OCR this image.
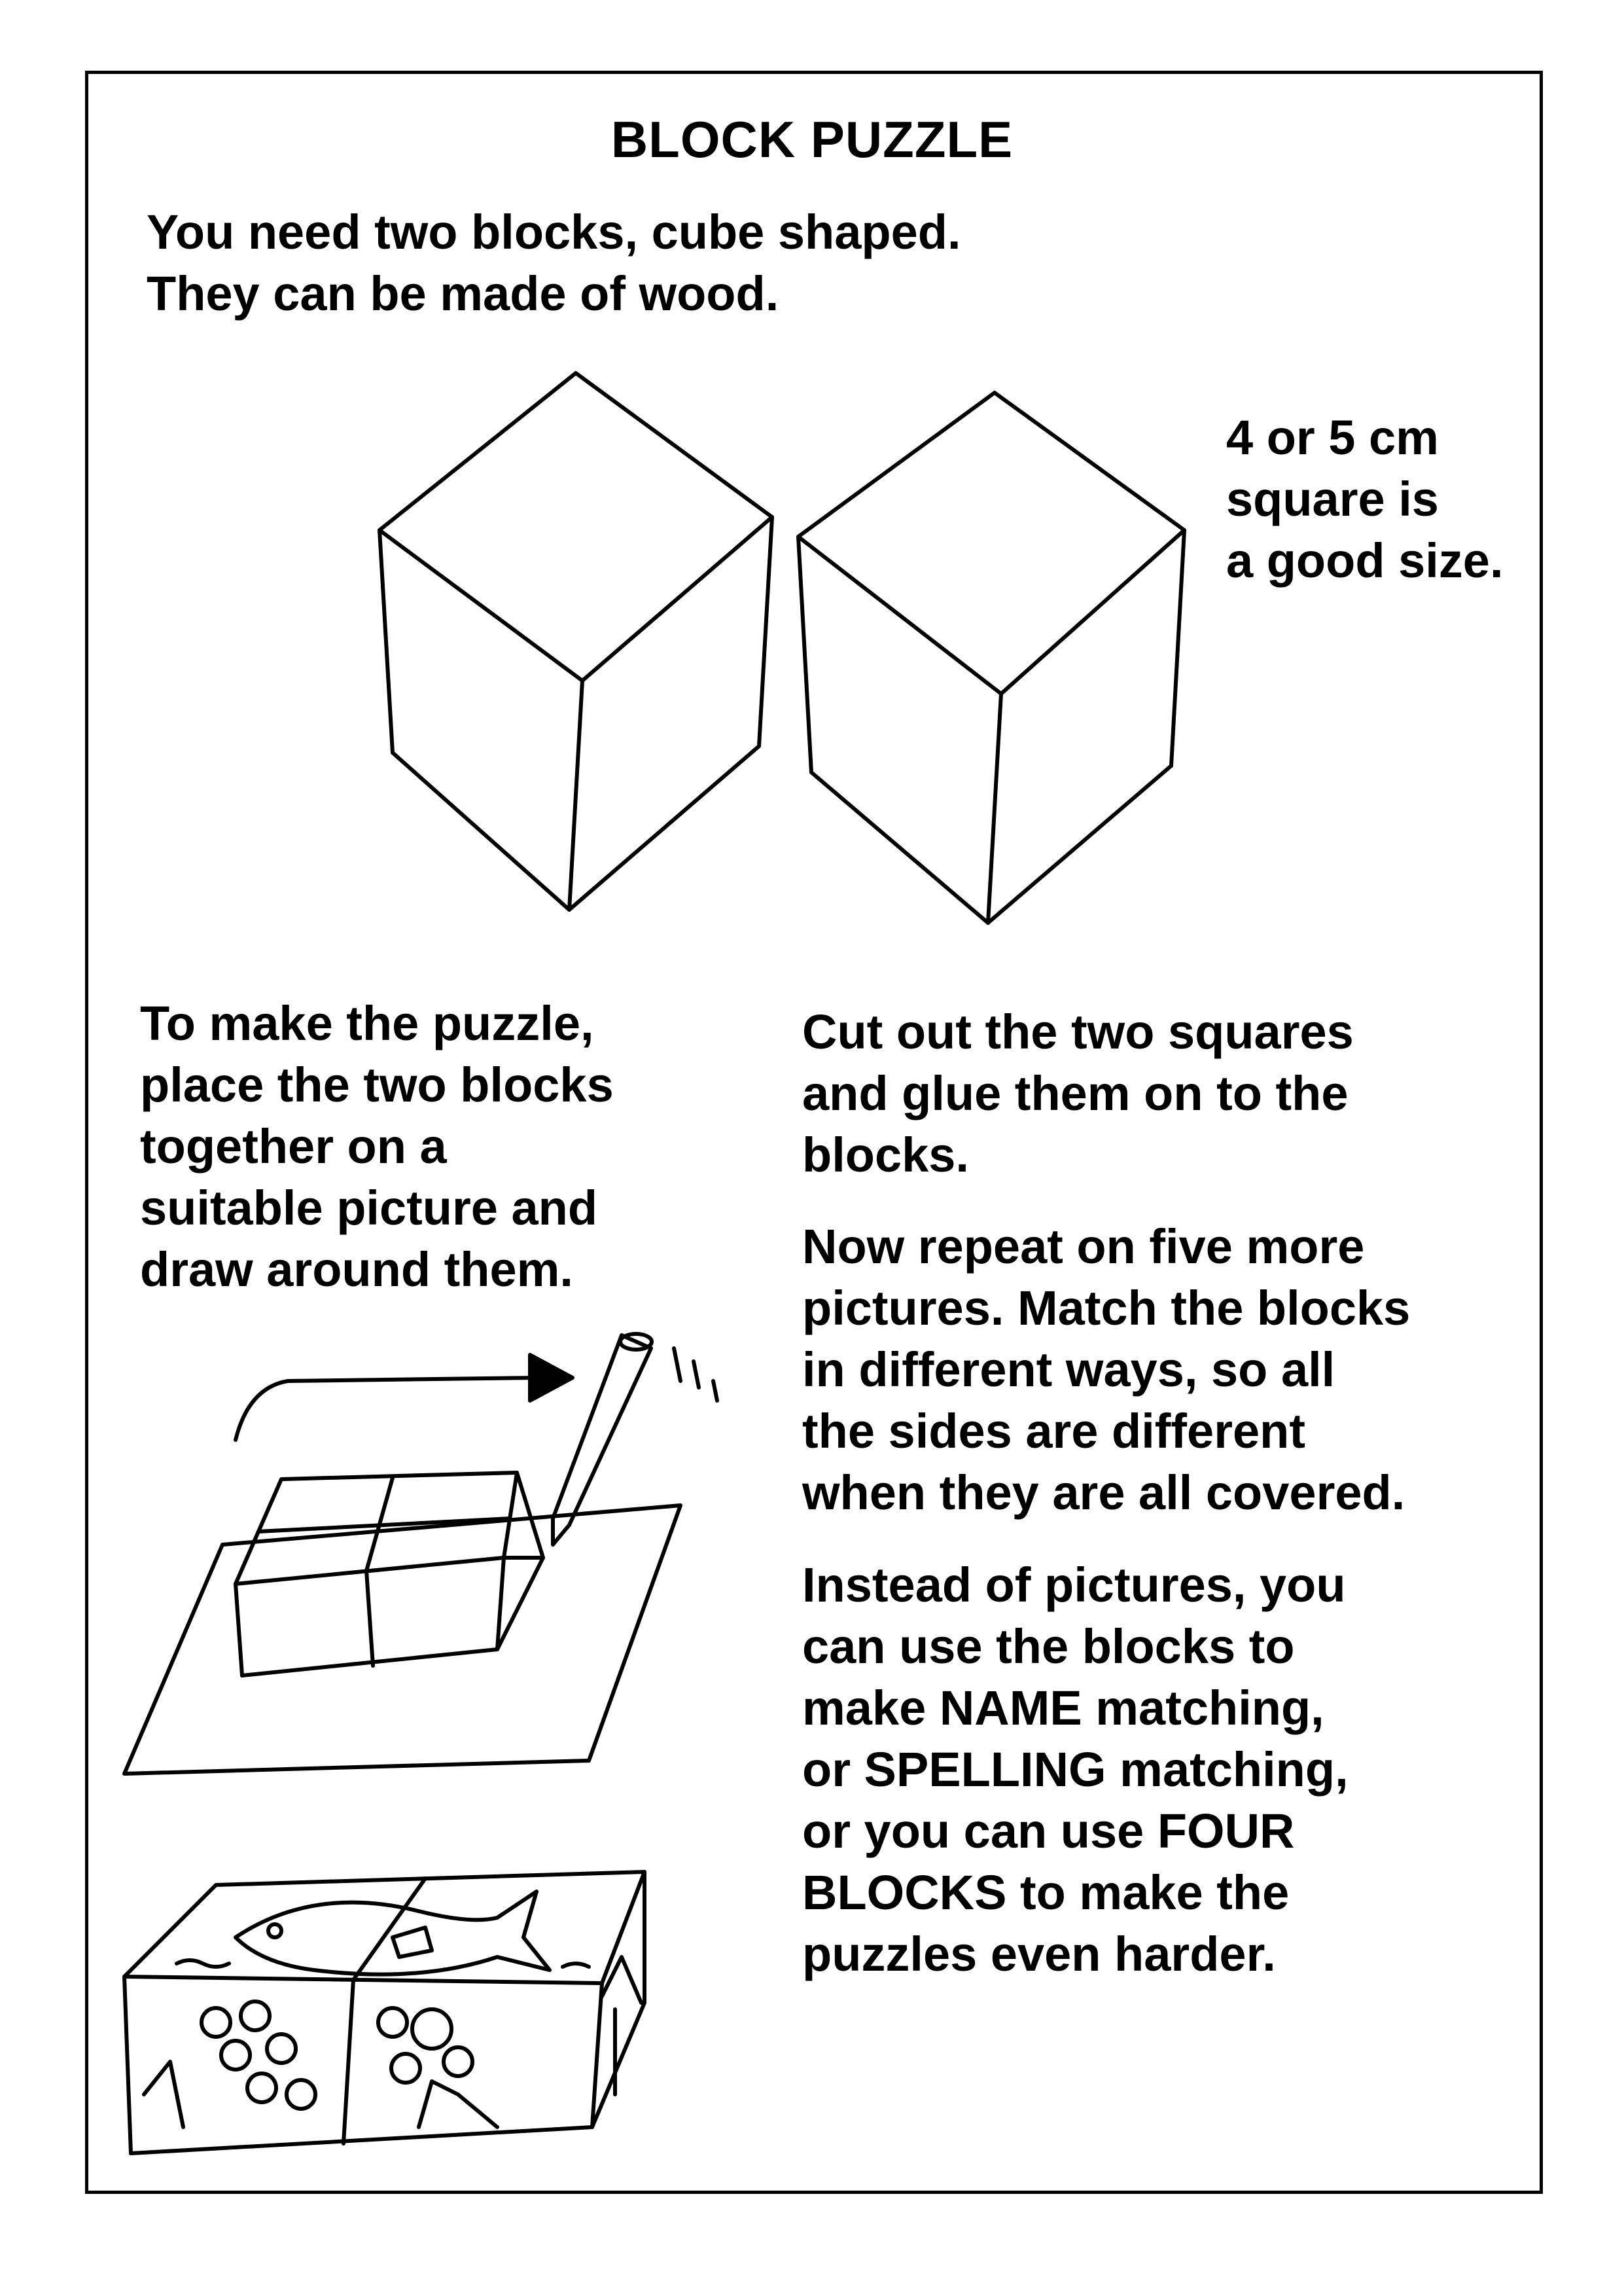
BLOCK PUZZLE
You need two blocks, cube shaped.
They can be made of wood.
4 or 5 cm
square is
a good size.
To make the puzzle,
place the two blocks
together on a
suitable picture and
draw around them.
Cut out the two squares
and glue them on to the
blocks.
Now repeat on five more
pictures. Match the blocks
in different ways, so all
the sides are different
when they are all covered.
Instead of pictures, you
can use the blocks to
make NAME matching,
or SPELLING matching,
or you can use FOUR
BLOCKS to make the
puzzles even harder.
